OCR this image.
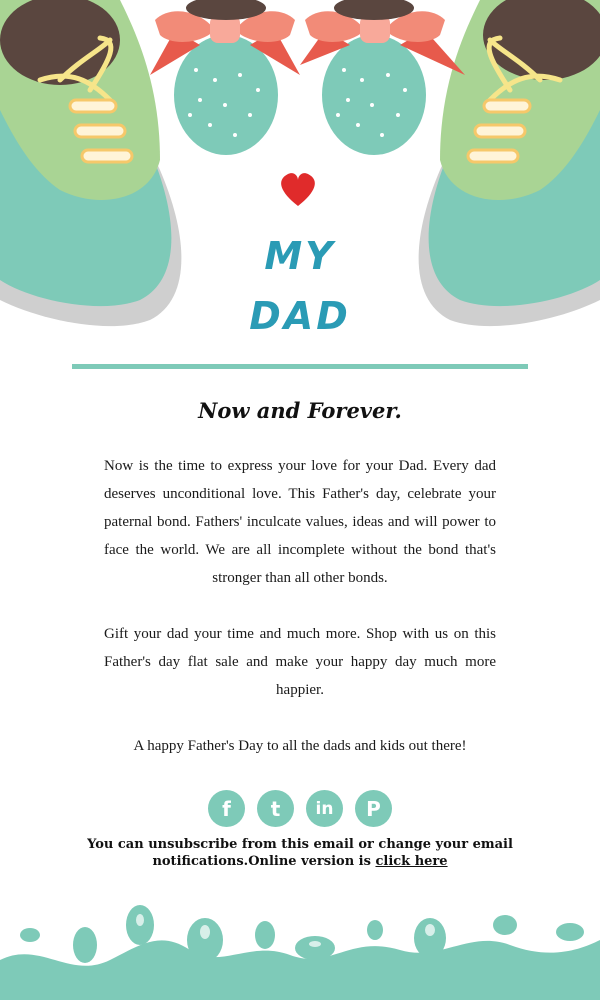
MY
DAD
Now and Forever.
Now is the time to express your love for your Dad. Every dad deserves unconditional love. This Father's day, celebrate your paternal bond. Fathers' inculcate values, ideas and will power to face the world. We are all incomplete without the bond that's stronger than all other bonds.
Gift your dad your time and much more. Shop with us on this Father's day flat sale and make your happy day much more happier.
A happy Father's Day to all the dads and kids out there!
f	t	in	P
You can unsubscribe from this email or change your email
notifications.Online version is click here
